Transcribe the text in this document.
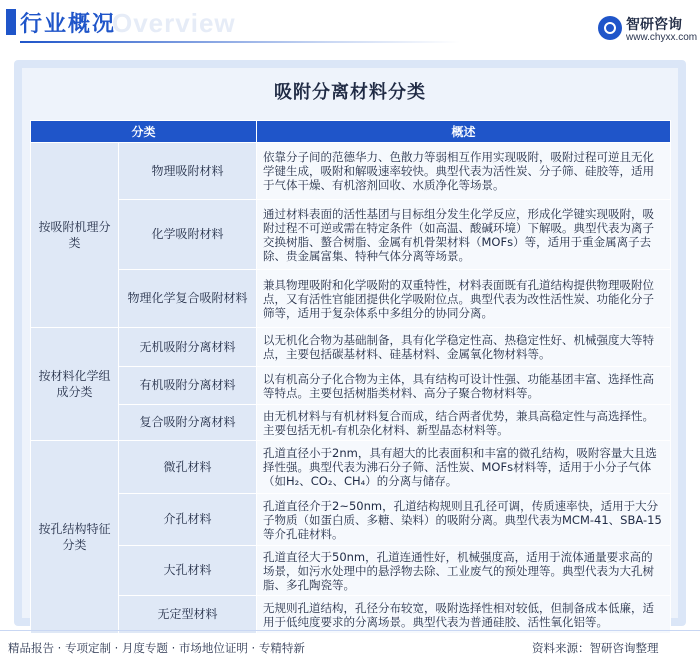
Overview
行业概况	智研咨询
www.chyxx.com
吸附分离材料分类
分类		概述
按吸附机理分类	物理吸附材料	依靠分子间的范德华力、色散力等弱相互作用实现吸附，吸附过程可逆且无化学键生成，吸附和解吸速率较快。典型代表为活性炭、分子筛、硅胶等，适用于气体干燥、有机溶剂回收、水质净化等场景。
	化学吸附材料	通过材料表面的活性基团与目标组分发生化学反应，形成化学键实现吸附，吸附过程不可逆或需在特定条件（如高温、酸碱环境）下解吸。典型代表为离子交换树脂、螯合树脂、金属有机骨架材料（MOFs）等，适用于重金属离子去除、贵金属富集、特种气体分离等场景。
	物理化学复合吸附材料	兼具物理吸附和化学吸附的双重特性，材料表面既有孔道结构提供物理吸附位点，又有活性官能团提供化学吸附位点。典型代表为改性活性炭、功能化分子筛等，适用于复杂体系中多组分的协同分离。
按材料化学组成分类	无机吸附分离材料	以无机化合物为基础制备，具有化学稳定性高、热稳定性好、机械强度大等特点，主要包括碳基材料、硅基材料、金属氧化物材料等。
	有机吸附分离材料	以有机高分子化合物为主体，具有结构可设计性强、功能基团丰富、选择性高等特点。主要包括树脂类材料、高分子聚合物材料等。
	复合吸附分离材料	由无机材料与有机材料复合而成，结合两者优势，兼具高稳定性与高选择性。主要包括无机-有机杂化材料、新型晶态材料等。
按孔结构特征分类	微孔材料	孔道直径小于2nm，具有超大的比表面积和丰富的微孔结构，吸附容量大且选择性强。典型代表为沸石分子筛、活性炭、MOFs材料等，适用于小分子气体（如H₂、CO₂、CH₄）的分离与储存。
	介孔材料	孔道直径介于2~50nm，孔道结构规则且孔径可调，传质速率快，适用于大分子物质（如蛋白质、多糖、染料）的吸附分离。典型代表为MCM-41、SBA-15等介孔硅材料。
	大孔材料	孔道直径大于50nm，孔道连通性好，机械强度高，适用于流体通量要求高的场景，如污水处理中的悬浮物去除、工业废气的预处理等。典型代表为大孔树脂、多孔陶瓷等。
	无定型材料	无规则孔道结构，孔径分布较宽，吸附选择性相对较低，但制备成本低廉，适用于低纯度要求的分离场景。典型代表为普通硅胶、活性氧化铝等。
精品报告 · 专项定制 · 月度专题 · 市场地位证明 · 专精特新	资料来源：智研咨询整理
